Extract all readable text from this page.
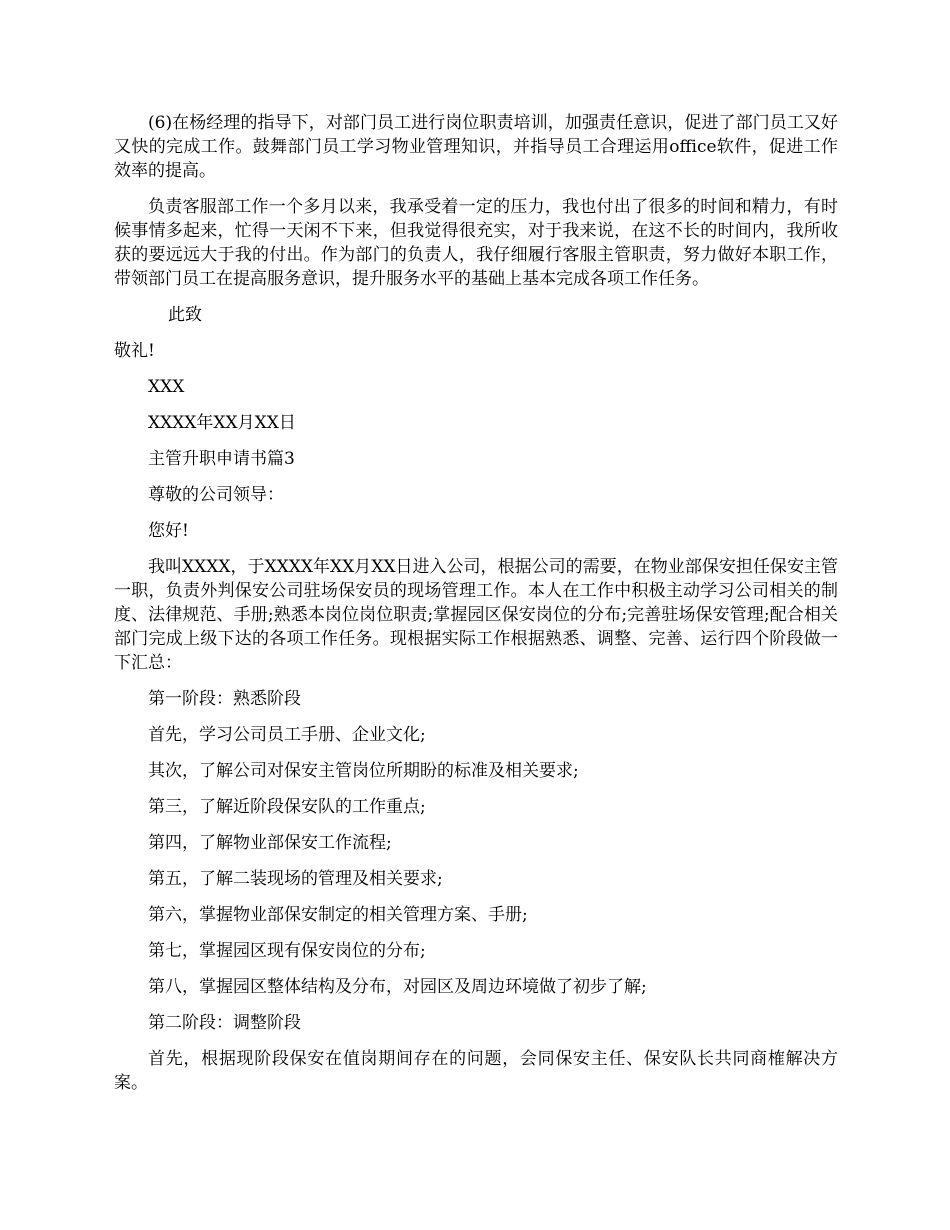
(6)在杨经理的指导下，对部门员工进行岗位职责培训，加强责任意识，促进了部门员工又好又快的完成工作。鼓舞部门员工学习物业管理知识，并指导员工合理运用office软件，促进工作效率的提高。

负责客服部工作一个多月以来，我承受着一定的压力，我也付出了很多的时间和精力，有时候事情多起来，忙得一天闲不下来，但我觉得很充实，对于我来说，在这不长的时间内，我所收获的要远远大于我的付出。作为部门的负责人，我仔细履行客服主管职责，努力做好本职工作，带领部门员工在提高服务意识，提升服务水平的基础上基本完成各项工作任务。

此致

敬礼!

XXX

XXXX年XX月XX日

主管升职申请书篇3

尊敬的公司领导：

您好!

我叫XXXX，于XXXX年XX月XX日进入公司，根据公司的需要，在物业部保安担任保安主管一职，负责外判保安公司驻场保安员的现场管理工作。本人在工作中积极主动学习公司相关的制度、法律规范、手册;熟悉本岗位岗位职责;掌握园区保安岗位的分布;完善驻场保安管理;配合相关部门完成上级下达的各项工作任务。现根据实际工作根据熟悉、调整、完善、运行四个阶段做一下汇总：

第一阶段：熟悉阶段

首先，学习公司员工手册、企业文化;

其次，了解公司对保安主管岗位所期盼的标准及相关要求;

第三，了解近阶段保安队的工作重点;

第四，了解物业部保安工作流程;

第五，了解二装现场的管理及相关要求;

第六，掌握物业部保安制定的相关管理方案、手册;

第七，掌握园区现有保安岗位的分布;

第八，掌握园区整体结构及分布，对园区及周边环境做了初步了解;

第二阶段：调整阶段

首先，根据现阶段保安在值岗期间存在的问题，会同保安主任、保安队长共同商榷解决方案。
